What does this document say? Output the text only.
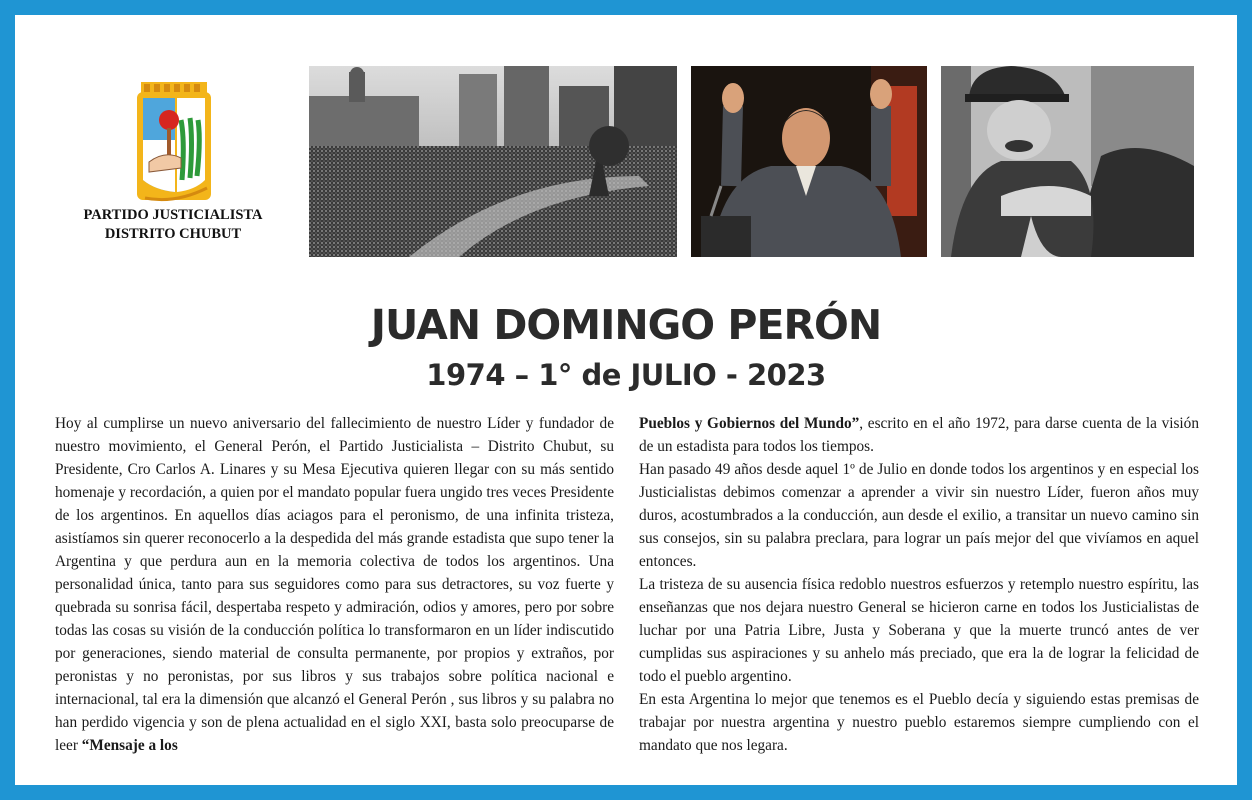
PARTIDO JUSTICIALISTA
DISTRITO CHUBUT
JUAN DOMINGO PERÓN
1974 – 1° de JULIO - 2023

Hoy al cumplirse un nuevo aniversario del fallecimiento de nuestro Líder y fundador de nuestro movimiento, el General Perón, el Partido Justicialista – Distrito Chubut, su Presidente, Cro Carlos A. Linares y su Mesa Ejecutiva quieren llegar con su más sentido homenaje y recordación, a quien por el mandato popular fuera ungido tres veces Presidente de los argentinos. En aquellos días aciagos para el peronismo, de una infinita tristeza, asistíamos sin querer reconocerlo a la despedida del más grande estadista que supo tener la Argentina y que perdura aun en la memoria colectiva de todos los argentinos. Una personalidad única, tanto para sus seguidores como para sus detractores, su voz fuerte y quebrada su sonrisa fácil, despertaba respeto y admiración, odios y amores, pero por sobre todas las cosas su visión de la conducción política lo transformaron en un líder indiscutido por generaciones, siendo material de consulta permanente, por propios y extraños, por peronistas y no peronistas, por sus libros y sus trabajos sobre política nacional e internacional, tal era la dimensión que alcanzó el General Perón , sus libros y su palabra no han perdido vigencia y son de plena actualidad en el siglo XXI, basta solo preocuparse de leer “Mensaje a los

Pueblos y Gobiernos del Mundo”, escrito en el año 1972, para darse cuenta de la visión de un estadista para todos los tiempos.

Han pasado 49 años desde aquel 1º de Julio en donde todos los argentinos y en especial los Justicialistas debimos comenzar a aprender a vivir sin nuestro Líder, fueron años muy duros, acostumbrados a la conducción, aun desde el exilio, a transitar un nuevo camino sin sus consejos, sin su palabra preclara, para lograr un país mejor del que vivíamos en aquel entonces.

La tristeza de su ausencia física redoblo nuestros esfuerzos y retemplo nuestro espíritu, las enseñanzas que nos dejara nuestro General se hicieron carne en todos los Justicialistas de luchar por una Patria Libre, Justa y Soberana y que la muerte truncó antes de ver cumplidas sus aspiraciones y su anhelo más preciado, que era la de lograr la felicidad de todo el pueblo argentino.

En esta Argentina lo mejor que tenemos es el Pueblo decía y siguiendo estas premisas de trabajar por nuestra argentina y nuestro pueblo estaremos siempre cumpliendo con el mandato que nos legara.
